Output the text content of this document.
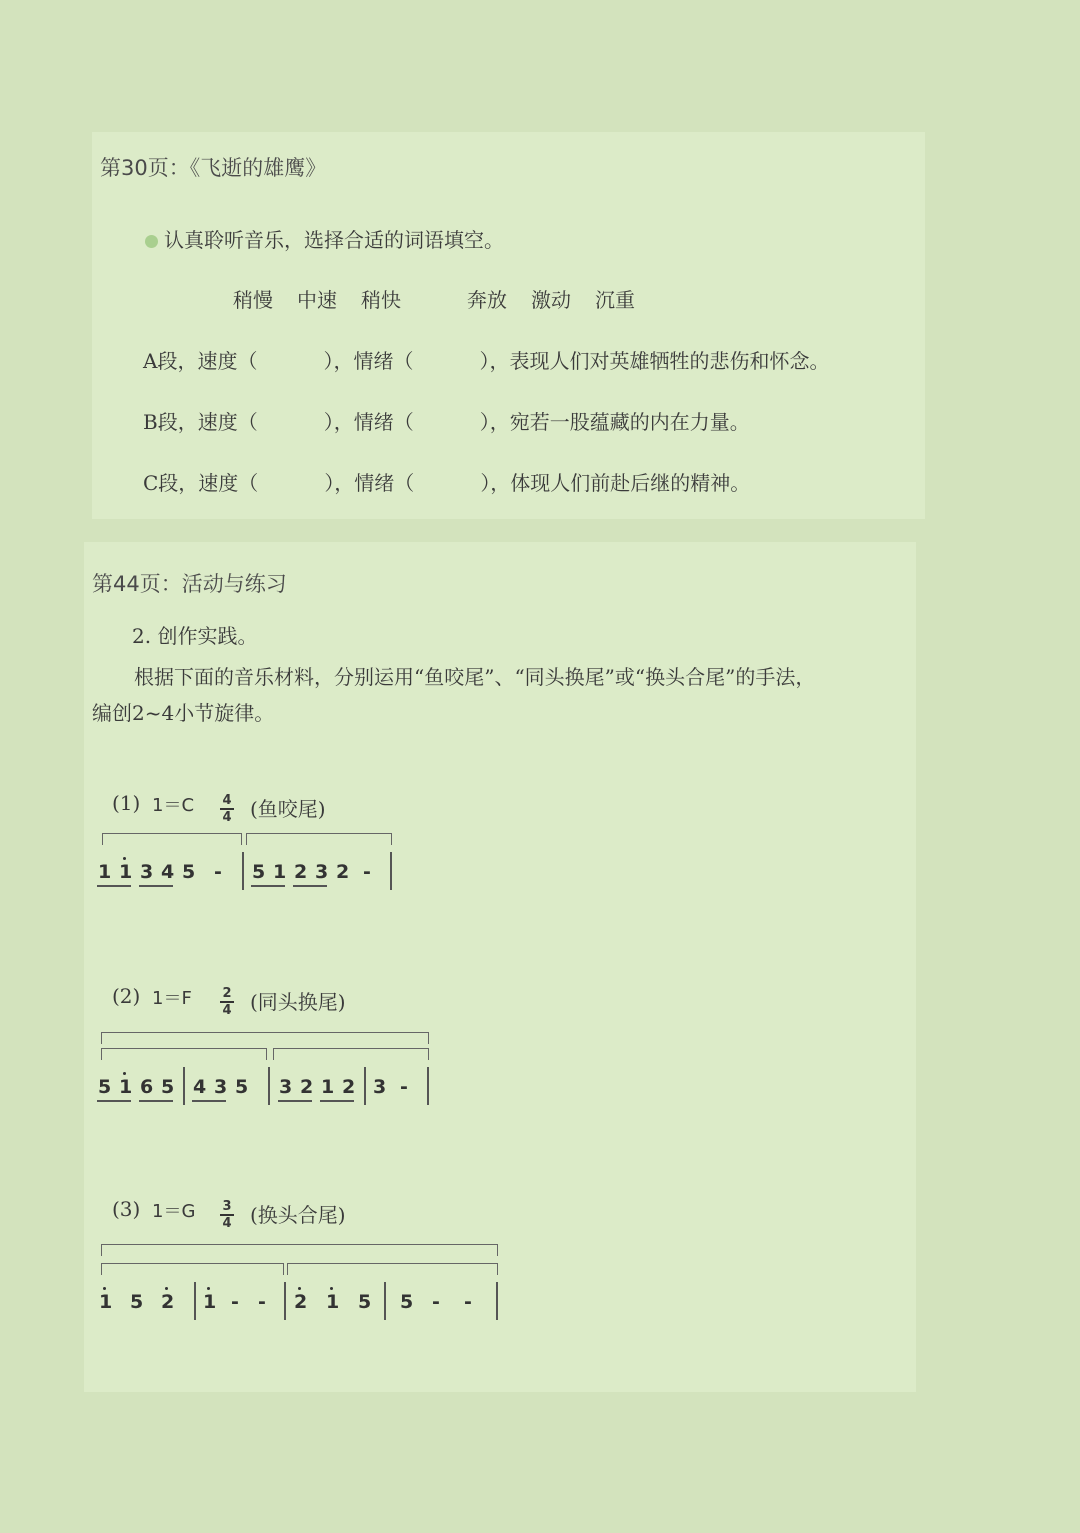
第30页：《飞逝的雄鹰》
认真聆听音乐，选择合适的词语填空。
稍慢 中速 稍快	奔放 激动 沉重
A段，速度（	），情绪（	），表现人们对英雄牺牲的悲伤和怀念。
B段，速度（	），情绪（	），宛若一股蕴藏的内在力量。
C段，速度（	），情绪（	），体现人们前赴后继的精神。
第44页：活动与练习
2. 创作实践。
根据下面的音乐材料，分别运用“鱼咬尾”、“同头换尾”或“换头合尾”的手法，
编创2~4小节旋律。
(1) 1＝C 4
4 (鱼咬尾)
1 1 3 4 5 - 5 1 2 3 2 -
(2) 1＝F 2
4 (同头换尾)
5 1 6 5 4 3 5 3 2 1 2 3 -
(3) 1＝G 3
4 (换头合尾)
1 5 2 1 - - 2 1 5 5 - -
